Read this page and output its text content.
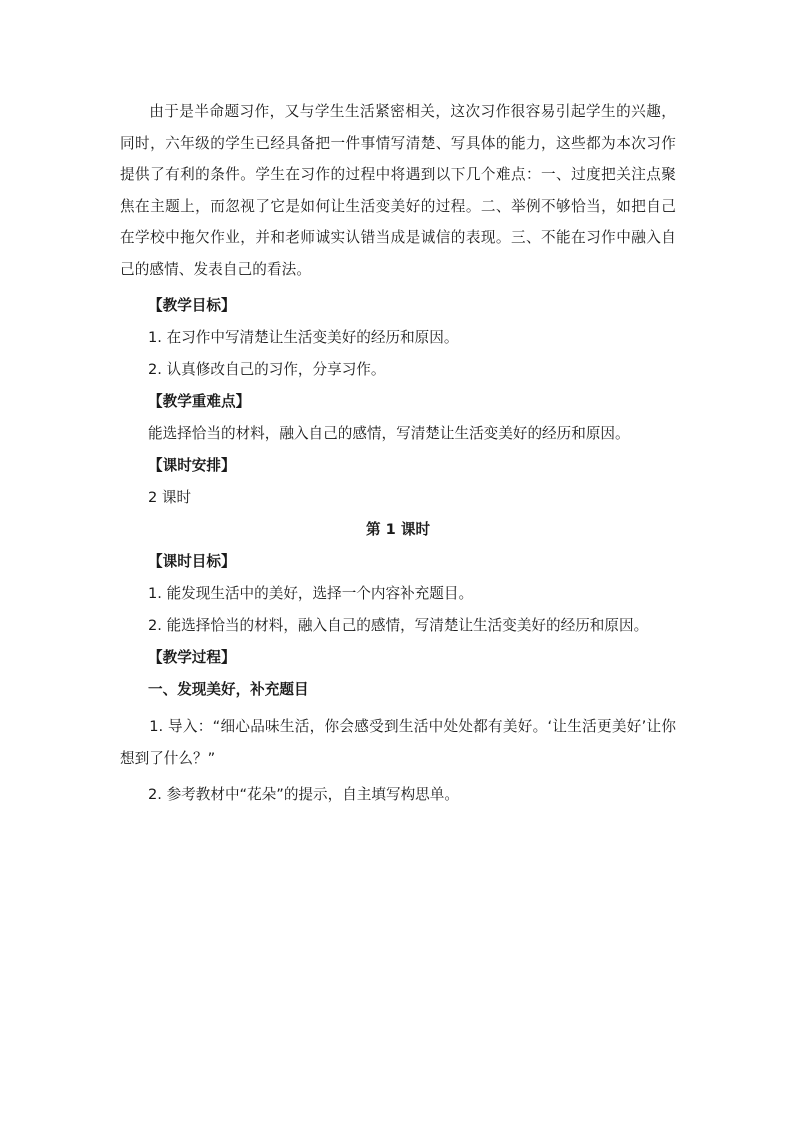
由于是半命题习作，又与学生生活紧密相关，这次习作很容易引起学生的兴趣，同时，六年级的学生已经具备把一件事情写清楚、写具体的能力，这些都为本次习作提供了有利的条件。学生在习作的过程中将遇到以下几个难点：一、过度把关注点聚焦在主题上，而忽视了它是如何让生活变美好的过程。二、举例不够恰当，如把自己在学校中拖欠作业，并和老师诚实认错当成是诚信的表现。三、不能在习作中融入自己的感情、发表自己的看法。

【教学目标】

1. 在习作中写清楚让生活变美好的经历和原因。

2. 认真修改自己的习作，分享习作。

【教学重难点】

能选择恰当的材料，融入自己的感情，写清楚让生活变美好的经历和原因。

【课时安排】

2 课时

第 1 课时

【课时目标】

1. 能发现生活中的美好，选择一个内容补充题目。

2. 能选择恰当的材料，融入自己的感情，写清楚让生活变美好的经历和原因。

【教学过程】

一、发现美好，补充题目

1. 导入：“细心品味生活，你会感受到生活中处处都有美好。‘让生活更美好’让你想到了什么？”

2. 参考教材中“花朵”的提示，自主填写构思单。
